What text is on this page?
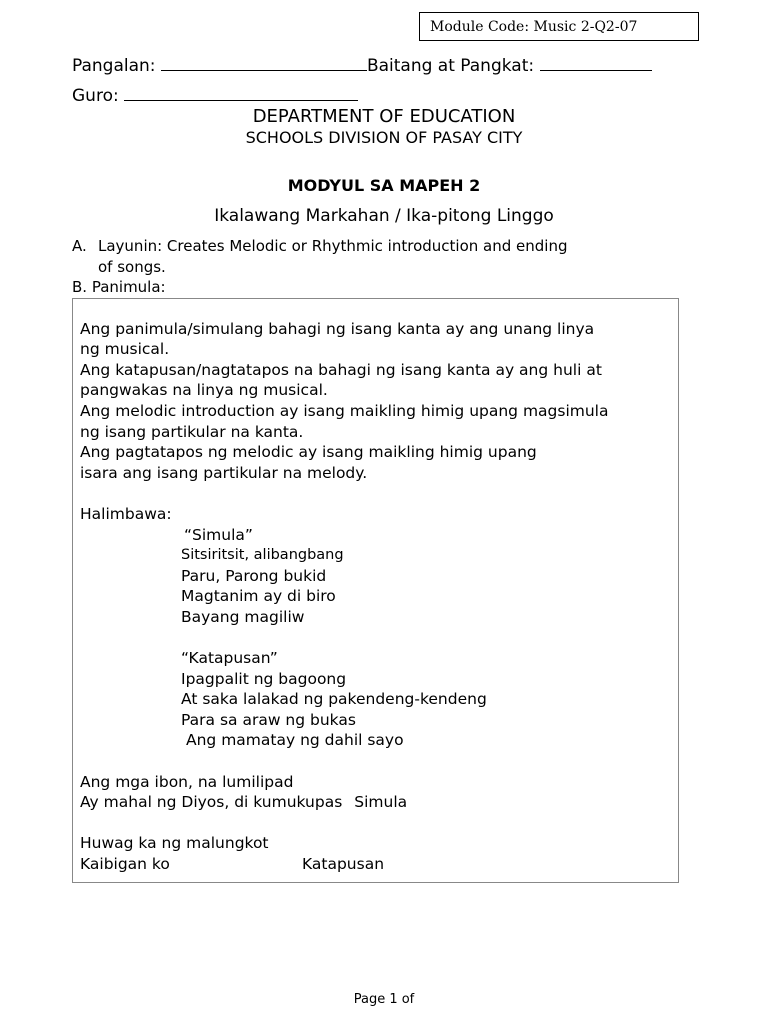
Module Code: Music 2-Q2-07
Pangalan:	Baitang at Pangkat:
Guro:
DEPARTMENT OF EDUCATION
SCHOOLS DIVISION OF PASAY CITY
MODYUL SA MAPEH 2
Ikalawang Markahan / Ika-pitong Linggo
A. Layunin: Creates Melodic or Rhythmic introduction and ending
of songs.
B. Panimula:

Ang panimula/simulang bahagi ng isang kanta ay ang unang linya
ng musical.
Ang katapusan/nagtatapos na bahagi ng isang kanta ay ang huli at
pangwakas na linya ng musical.
Ang melodic introduction ay isang maikling himig upang magsimula
ng isang partikular na kanta.
Ang pagtatapos ng melodic ay isang maikling himig upang
isara ang isang partikular na melody.

Halimbawa:
“Simula”
Sitsiritsit, alibangbang
Paru, Parong bukid
Magtanim ay di biro
Bayang magiliw

“Katapusan”
Ipagpalit ng bagoong
At saka lalakad ng pakendeng-kendeng
Para sa araw ng bukas
Ang mamatay ng dahil sayo

Ang mga ibon, na lumilipad
Ay mahal ng Diyos, di kumukupas Simula

Huwag ka ng malungkot
Kaibigan ko	Katapusan

Page 1 of
